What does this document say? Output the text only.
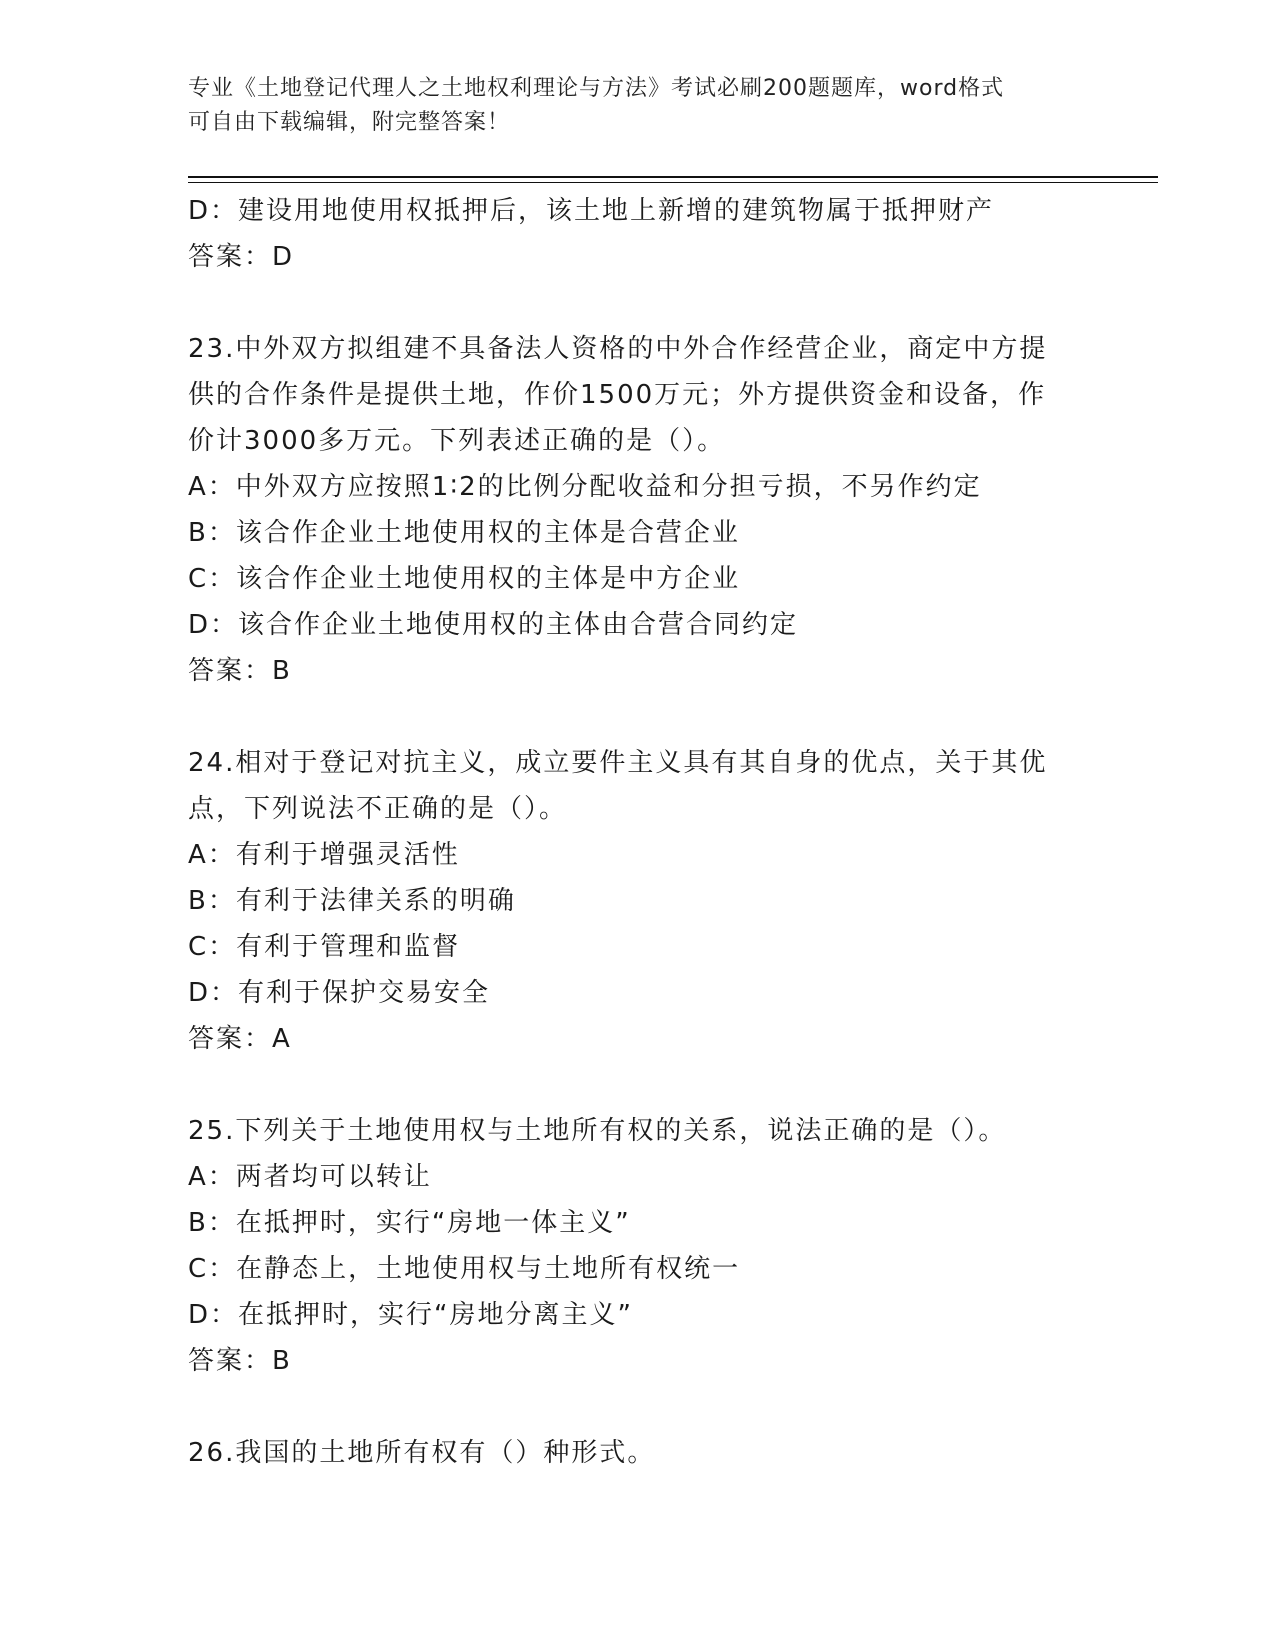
专业《土地登记代理人之土地权利理论与方法》考试必刷200题题库，word格式
可自由下载编辑，附完整答案！
D：建设用地使用权抵押后，该土地上新增的建筑物属于抵押财产
答案：D
23.中外双方拟组建不具备法人资格的中外合作经营企业，商定中方提
供的合作条件是提供土地，作价1500万元；外方提供资金和设备，作
价计3000多万元。下列表述正确的是（）。
A：中外双方应按照1∶2的比例分配收益和分担亏损，不另作约定
B：该合作企业土地使用权的主体是合营企业
C：该合作企业土地使用权的主体是中方企业
D：该合作企业土地使用权的主体由合营合同约定
答案：B
24.相对于登记对抗主义，成立要件主义具有其自身的优点，关于其优
点，下列说法不正确的是（）。
A：有利于增强灵活性
B：有利于法律关系的明确
C：有利于管理和监督
D：有利于保护交易安全
答案：A
25.下列关于土地使用权与土地所有权的关系，说法正确的是（）。
A：两者均可以转让
B：在抵押时，实行“房地一体主义”
C：在静态上，土地使用权与土地所有权统一
D：在抵押时，实行“房地分离主义”
答案：B
26.我国的土地所有权有（）种形式。
